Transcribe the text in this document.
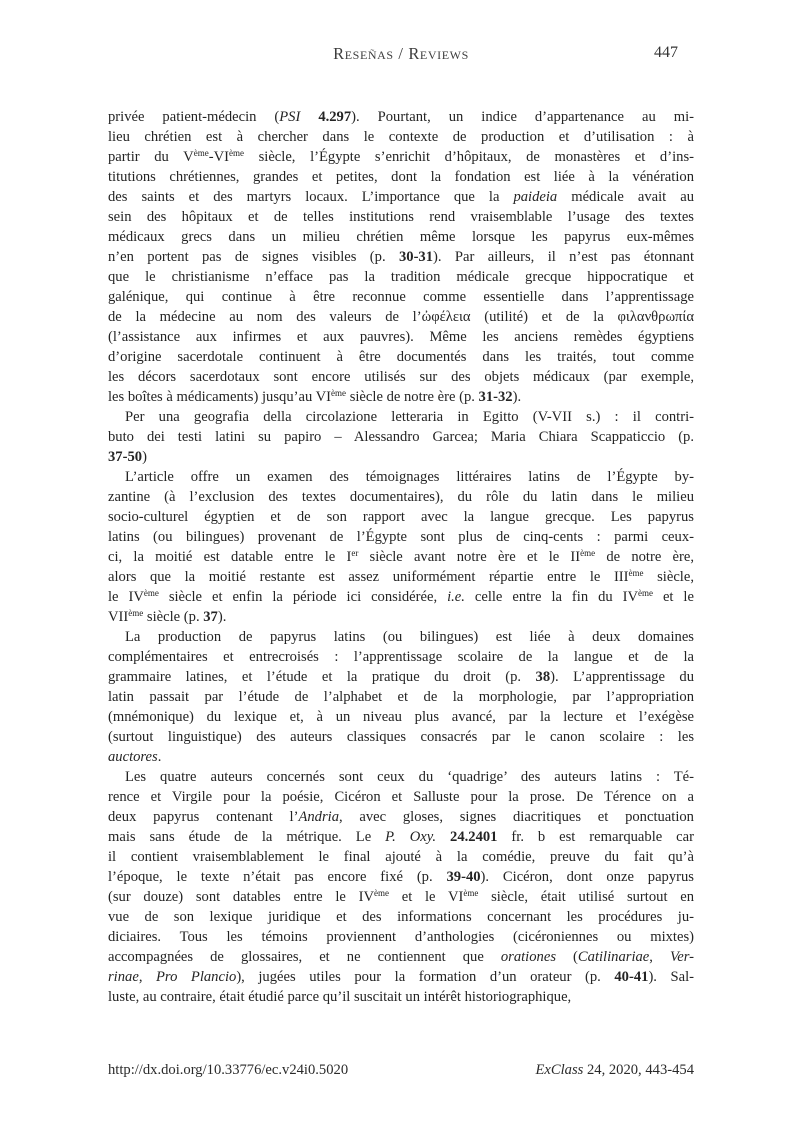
Reseñas / Reviews	447
privée patient-médecin (PSI 4.297). Pourtant, un indice d’appartenance au mi-
lieu chrétien est à chercher dans le contexte de production et d’utilisation : à
partir du Vème-VIème siècle, l’Égypte s’enrichit d’hôpitaux, de monastères et d’ins-
titutions chrétiennes, grandes et petites, dont la fondation est liée à la vénération
des saints et des martyrs locaux. L’importance que la paideia médicale avait au
sein des hôpitaux et de telles institutions rend vraisemblable l’usage des textes
médicaux grecs dans un milieu chrétien même lorsque les papyrus eux-mêmes
n’en portent pas de signes visibles (p. 30-31). Par ailleurs, il n’est pas étonnant
que le christianisme n’efface pas la tradition médicale grecque hippocratique et
galénique, qui continue à être reconnue comme essentielle dans l’apprentissage
de la médecine au nom des valeurs de l’ὠφέλεια (utilité) et de la φιλανθρωπία
(l’assistance aux infirmes et aux pauvres). Même les anciens remèdes égyptiens
d’origine sacerdotale continuent à être documentés dans les traités, tout comme
les décors sacerdotaux sont encore utilisés sur des objets médicaux (par exemple,
les boîtes à médicaments) jusqu’au VIème siècle de notre ère (p. 31-32).
Per una geografia della circolazione letteraria in Egitto (V-VII s.) : il contri-
buto dei testi latini su papiro – Alessandro Garcea; Maria Chiara Scappaticcio (p.
37-50)
L’article offre un examen des témoignages littéraires latins de l’Égypte by-
zantine (à l’exclusion des textes documentaires), du rôle du latin dans le milieu
socio-culturel égyptien et de son rapport avec la langue grecque. Les papyrus
latins (ou bilingues) provenant de l’Égypte sont plus de cinq-cents : parmi ceux-
ci, la moitié est datable entre le Ier siècle avant notre ère et le IIème de notre ère,
alors que la moitié restante est assez uniformément répartie entre le IIIème siècle,
le IVème siècle et enfin la période ici considérée, i.e. celle entre la fin du IVème et le
VIIème siècle (p. 37).
La production de papyrus latins (ou bilingues) est liée à deux domaines
complémentaires et entrecroisés : l’apprentissage scolaire de la langue et de la
grammaire latines, et l’étude et la pratique du droit (p. 38). L’apprentissage du
latin passait par l’étude de l’alphabet et de la morphologie, par l’appropriation
(mnémonique) du lexique et, à un niveau plus avancé, par la lecture et l’exégèse
(surtout linguistique) des auteurs classiques consacrés par le canon scolaire : les
auctores.
Les quatre auteurs concernés sont ceux du ‘quadrige’ des auteurs latins : Té-
rence et Virgile pour la poésie, Cicéron et Salluste pour la prose. De Térence on a
deux papyrus contenant l’Andria, avec gloses, signes diacritiques et ponctuation
mais sans étude de la métrique. Le P. Oxy. 24.2401 fr. b est remarquable car
il contient vraisemblablement le final ajouté à la comédie, preuve du fait qu’à
l’époque, le texte n’était pas encore fixé (p. 39-40). Cicéron, dont onze papyrus
(sur douze) sont datables entre le IVème et le VIème siècle, était utilisé surtout en
vue de son lexique juridique et des informations concernant les procédures ju-
diciaires. Tous les témoins proviennent d’anthologies (cicéroniennes ou mixtes)
accompagnées de glossaires, et ne contiennent que orationes (Catilinariae, Ver-
rinae, Pro Plancio), jugées utiles pour la formation d’un orateur (p. 40-41). Sal-
luste, au contraire, était étudié parce qu’il suscitait un intérêt historiographique,
http://dx.doi.org/10.33776/ec.v24i0.5020	ExClass 24, 2020, 443-454
